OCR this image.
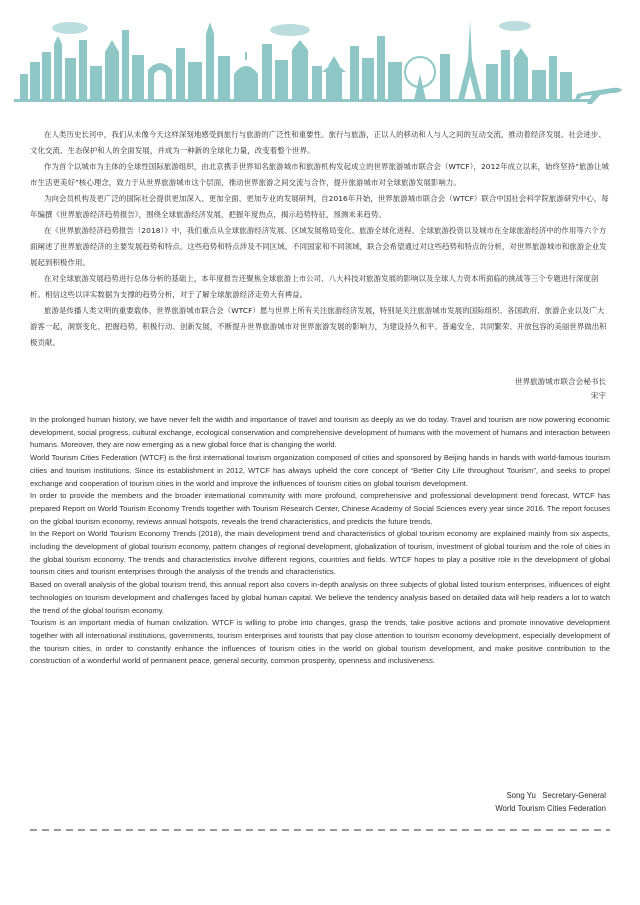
在人类历史长河中，我们从未像今天这样深刻地感受到旅行与旅游的广泛性和重要性。旅行与旅游，正以人的移动和人与人之间的互动交流，推动着经济发展、社会进步、文化交流、生态保护和人的全面发展，并成为一种新的全球化力量，改变着整个世界。

作为首个以城市为主体的全球性国际旅游组织，由北京携手世界知名旅游城市和旅游机构发起成立的世界旅游城市联合会（WTCF），2012年成立以来，始终坚持“旅游让城市生活更美好”核心理念，致力于从世界旅游城市这个层面，推动世界旅游之间交流与合作，提升旅游城市对全球旅游发展影响力。

为向会员机构及更广泛的国际社会提供更加深入、更加全面、更加专业的发展研判，自2016年开始，世界旅游城市联合会（WTCF）联合中国社会科学院旅游研究中心，每年编撰《世界旅游经济趋势报告》，围绕全球旅游经济发展，把握年度热点，揭示趋势特征，预测未来趋势。

在《世界旅游经济趋势报告（2018）》中，我们重点从全球旅游经济发展、区域发展格局变化、旅游全球化进程、全球旅游投资以及城市在全球旅游经济中的作用等六个方面阐述了世界旅游经济的主要发展趋势和特点。这些趋势和特点涉及不同区域、不同国家和不同领域，联合会希望通过对这些趋势和特点的分析，对世界旅游城市和旅游企业发展起到积极作用。

在对全球旅游发展趋势进行总体分析的基础上，本年度报告还聚焦全球旅游上市公司、八大科技对旅游发展的影响以及全球人力资本所面临的挑战等三个专题进行深度剖析。相信这些以详实数据为支撑的趋势分析，对于了解全球旅游经济走势大有裨益。

旅游是传播人类文明的重要载体，世界旅游城市联合会（WTCF）愿与世界上所有关注旅游经济发展，特别是关注旅游城市发展的国际组织、各国政府、旅游企业以及广大游客一起，洞察变化、把握趋势，积极行动、创新发展，不断提升世界旅游城市对世界旅游发展的影响力，为建设持久和平、普遍安全、共同繁荣、开放包容的美丽世界做出积极贡献。

世界旅游城市联合会秘书长
宋宇

In the prolonged human history, we have never felt the width and importance of travel and tourism as deeply as we do today. Travel and tourism are now powering economic development, social progress, cultural exchange, ecological conservation and comprehensive development of humans with the movement of humans and interaction between humans. Moreover, they are now emerging as a new global force that is changing the world.

World Tourism Cities Federation (WTCF) is the first international tourism organization composed of cities and sponsored by Beijing hands in hands with world-famous tourism cities and tourism institutions. Since its establishment in 2012, WTCF has always upheld the core concept of “Better City Life throughout Tourism”, and seeks to propel exchange and cooperation of tourism cities in the world and improve the influences of tourism cities on global tourism development.

In order to provide the members and the broader international community with more profound, comprehensive and professional development trend forecast, WTCF has prepared Report on World Tourism Economy Trends together with Tourism Research Center, Chinese Academy of Social Sciences every year since 2016. The report focuses on the global tourism economy, reviews annual hotspots, reveals the trend characteristics, and predicts the future trends.

In the Report on World Tourism Economy Trends (2018), the main development trend and characteristics of global tourism economy are explained mainly from six aspects, including the development of global tourism economy, pattern changes of regional development, globalization of tourism, investment of global tourism and the role of cities in the global tourism economy. The trends and characteristics involve different regions, countries and fields. WTCF hopes to play a positive role in the development of global tourism cities and tourism enterprises through the analysis of the trends and characteristics.

Based on overall analysis of the global tourism trend, this annual report also covers in-depth analysis on three subjects of global listed tourism enterprises, influences of eight technologies on tourism development and challenges faced by global human capital. We believe the tendency analysis based on detailed data will help readers a lot to watch the trend of the global tourism economy.

Tourism is an important media of human civilization. WTCF is willing to probe into changes, grasp the trends, take positive actions and promote innovative development together with all international institutions, governments, tourism enterprises and tourists that pay close attention to tourism economy development, especially development of the tourism cities, in order to constantly enhance the influences of tourism cities in the world on global tourism development, and make positive contribution to the construction of a wonderful world of permanent peace, general security, common prosperity, openness and inclusiveness.

Song Yu   Secretary-General
World Tourism Cities Federation
